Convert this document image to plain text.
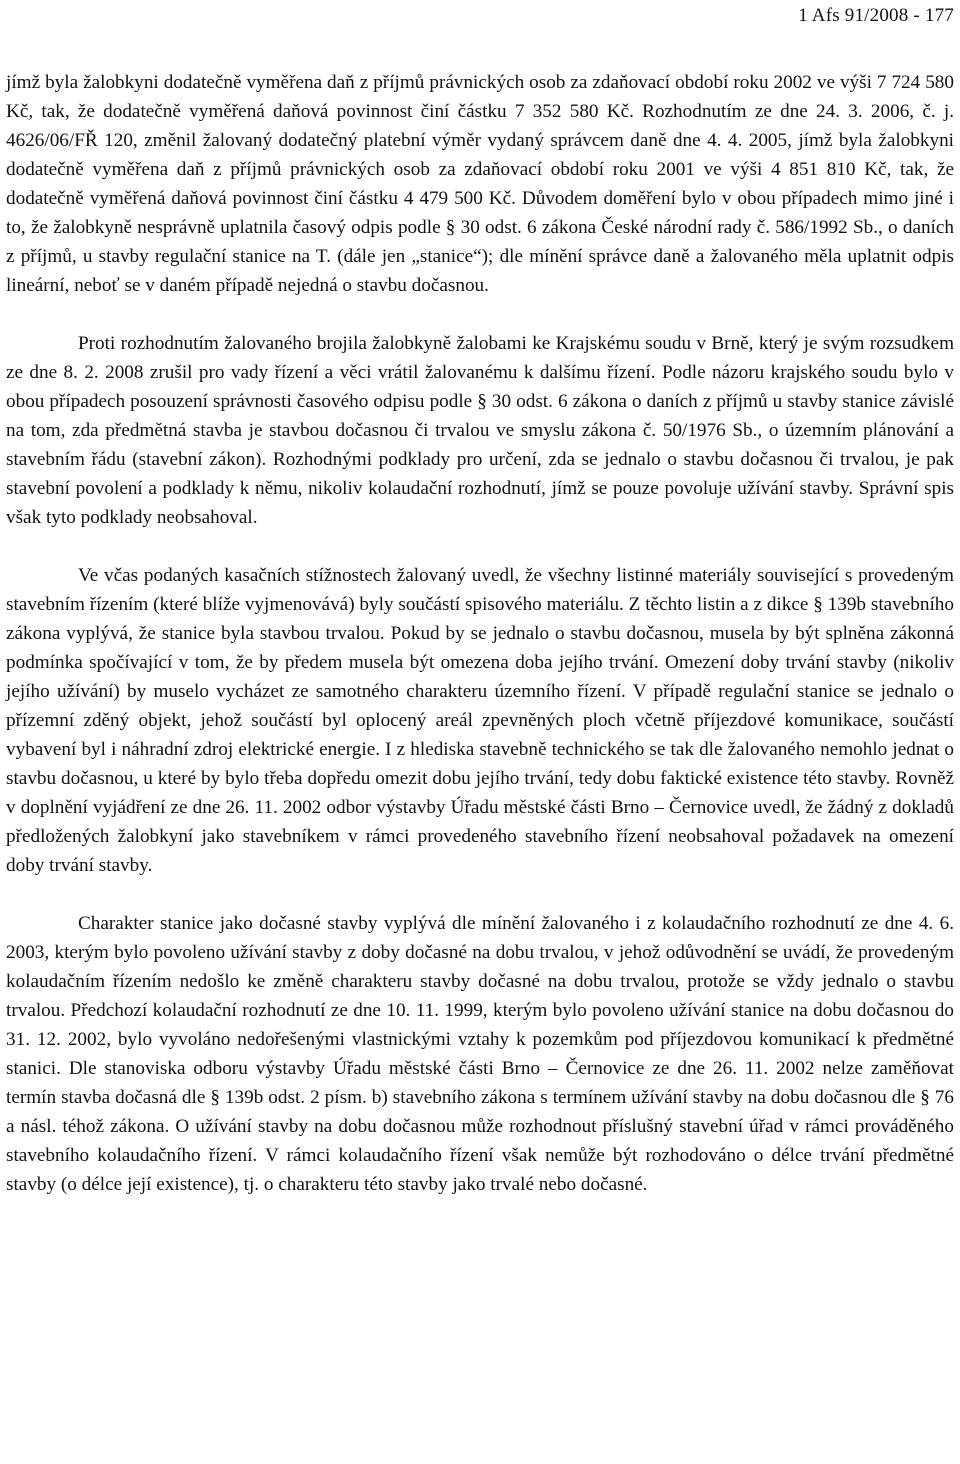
1 Afs 91/2008 - 177

jímž byla žalobkyni dodatečně vyměřena daň z příjmů právnických osob za zdaňovací období roku 2002 ve výši 7 724 580 Kč, tak, že dodatečně vyměřená daňová povinnost činí částku 7 352 580 Kč. Rozhodnutím ze dne 24. 3. 2006, č. j. 4626/06/FŘ 120, změnil žalovaný dodatečný platební výměr vydaný správcem daně dne 4. 4. 2005, jímž byla žalobkyni dodatečně vyměřena daň z příjmů právnických osob za zdaňovací období roku 2001 ve výši 4 851 810 Kč, tak, že dodatečně vyměřená daňová povinnost činí částku 4 479 500 Kč. Důvodem doměření bylo v obou případech mimo jiné i to, že žalobkyně nesprávně uplatnila časový odpis podle § 30 odst. 6 zákona České národní rady č. 586/1992 Sb., o daních z příjmů, u stavby regulační stanice na T. (dále jen „stanice“); dle mínění správce daně a žalovaného měla uplatnit odpis lineární, neboť se v daném případě nejedná o stavbu dočasnou.

Proti rozhodnutím žalovaného brojila žalobkyně žalobami ke Krajskému soudu v Brně, který je svým rozsudkem ze dne 8. 2. 2008 zrušil pro vady řízení a věci vrátil žalovanému k dalšímu řízení. Podle názoru krajského soudu bylo v obou případech posouzení správnosti časového odpisu podle § 30 odst. 6 zákona o daních z příjmů u stavby stanice závislé na tom, zda předmětná stavba je stavbou dočasnou či trvalou ve smyslu zákona č. 50/1976 Sb., o územním plánování a stavebním řádu (stavební zákon). Rozhodnými podklady pro určení, zda se jednalo o stavbu dočasnou či trvalou, je pak stavební povolení a podklady k němu, nikoliv kolaudační rozhodnutí, jímž se pouze povoluje užívání stavby. Správní spis však tyto podklady neobsahoval.

Ve včas podaných kasačních stížnostech žalovaný uvedl, že všechny listinné materiály související s provedeným stavebním řízením (které blíže vyjmenovává) byly součástí spisového materiálu. Z těchto listin a z dikce § 139b stavebního zákona vyplývá, že stanice byla stavbou trvalou. Pokud by se jednalo o stavbu dočasnou, musela by být splněna zákonná podmínka spočívající v tom, že by předem musela být omezena doba jejího trvání. Omezení doby trvání stavby (nikoliv jejího užívání) by muselo vycházet ze samotného charakteru územního řízení. V případě regulační stanice se jednalo o přízemní zděný objekt, jehož součástí byl oplocený areál zpevněných ploch včetně příjezdové komunikace, součástí vybavení byl i náhradní zdroj elektrické energie. I z hlediska stavebně technického se tak dle žalovaného nemohlo jednat o stavbu dočasnou, u které by bylo třeba dopředu omezit dobu jejího trvání, tedy dobu faktické existence této stavby. Rovněž v doplnění vyjádření ze dne 26. 11. 2002 odbor výstavby Úřadu městské části Brno – Černovice uvedl, že žádný z dokladů předložených žalobkyní jako stavebníkem v rámci provedeného stavebního řízení neobsahoval požadavek na omezení doby trvání stavby.

Charakter stanice jako dočasné stavby vyplývá dle mínění žalovaného i z kolaudačního rozhodnutí ze dne 4. 6. 2003, kterým bylo povoleno užívání stavby z doby dočasné na dobu trvalou, v jehož odůvodnění se uvádí, že provedeným kolaudačním řízením nedošlo ke změně charakteru stavby dočasné na dobu trvalou, protože se vždy jednalo o stavbu trvalou. Předchozí kolaudační rozhodnutí ze dne 10. 11. 1999, kterým bylo povoleno užívání stanice na dobu dočasnou do 31. 12. 2002, bylo vyvoláno nedořešenými vlastnickými vztahy k pozemkům pod příjezdovou komunikací k předmětné stanici. Dle stanoviska odboru výstavby Úřadu městské části Brno – Černovice ze dne 26. 11. 2002 nelze zaměňovat termín stavba dočasná dle § 139b odst. 2 písm. b) stavebního zákona s termínem užívání stavby na dobu dočasnou dle § 76 a násl. téhož zákona. O užívání stavby na dobu dočasnou může rozhodnout příslušný stavební úřad v rámci prováděného stavebního kolaudačního řízení. V rámci kolaudačního řízení však nemůže být rozhodováno o délce trvání předmětné stavby (o délce její existence), tj. o charakteru této stavby jako trvalé nebo dočasné.
